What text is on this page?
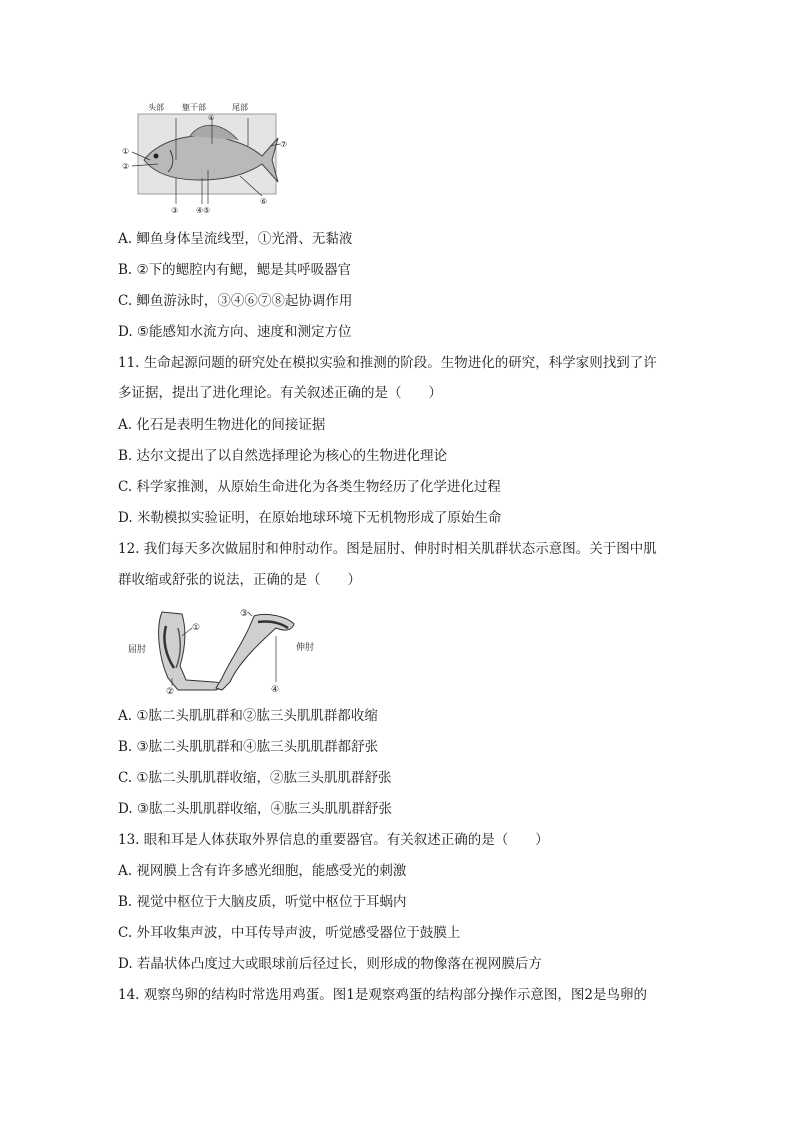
头部 躯干部	尾部
④
①
②
③ ④⑤
⑥
⑦
A. 鲫鱼身体呈流线型，①光滑、无黏液
B. ②下的鳃腔内有鳃，鳃是其呼吸器官
C. 鲫鱼游泳时，③④⑥⑦⑧起协调作用
D. ⑤能感知水流方向、速度和测定方位
11. 生命起源问题的研究处在模拟实验和推测的阶段。生物进化的研究，科学家则找到了许
多证据，提出了进化理论。有关叙述正确的是（　　）
A. 化石是表明生物进化的间接证据
B. 达尔文提出了以自然选择理论为核心的生物进化理论
C. 科学家推测，从原始生命进化为各类生物经历了化学进化过程
D. 米勒模拟实验证明，在原始地球环境下无机物形成了原始生命
12. 我们每天多次做屈肘和伸肘动作。图是屈肘、伸肘时相关肌群状态示意图。关于图中肌
群收缩或舒张的说法，正确的是（　　）
①
②
屈肘
③
④
伸肘
A. ①肱二头肌肌群和②肱三头肌肌群都收缩
B. ③肱二头肌肌群和④肱三头肌肌群都舒张
C. ①肱二头肌肌群收缩，②肱三头肌肌群舒张
D. ③肱二头肌肌群收缩，④肱三头肌肌群舒张
13. 眼和耳是人体获取外界信息的重要器官。有关叙述正确的是（　　）
A. 视网膜上含有许多感光细胞，能感受光的刺激
B. 视觉中枢位于大脑皮质，听觉中枢位于耳蜗内
C. 外耳收集声波，中耳传导声波，听觉感受器位于鼓膜上
D. 若晶状体凸度过大或眼球前后径过长，则形成的物像落在视网膜后方
14. 观察鸟卵的结构时常选用鸡蛋。图1是观察鸡蛋的结构部分操作示意图，图2是鸟卵的
